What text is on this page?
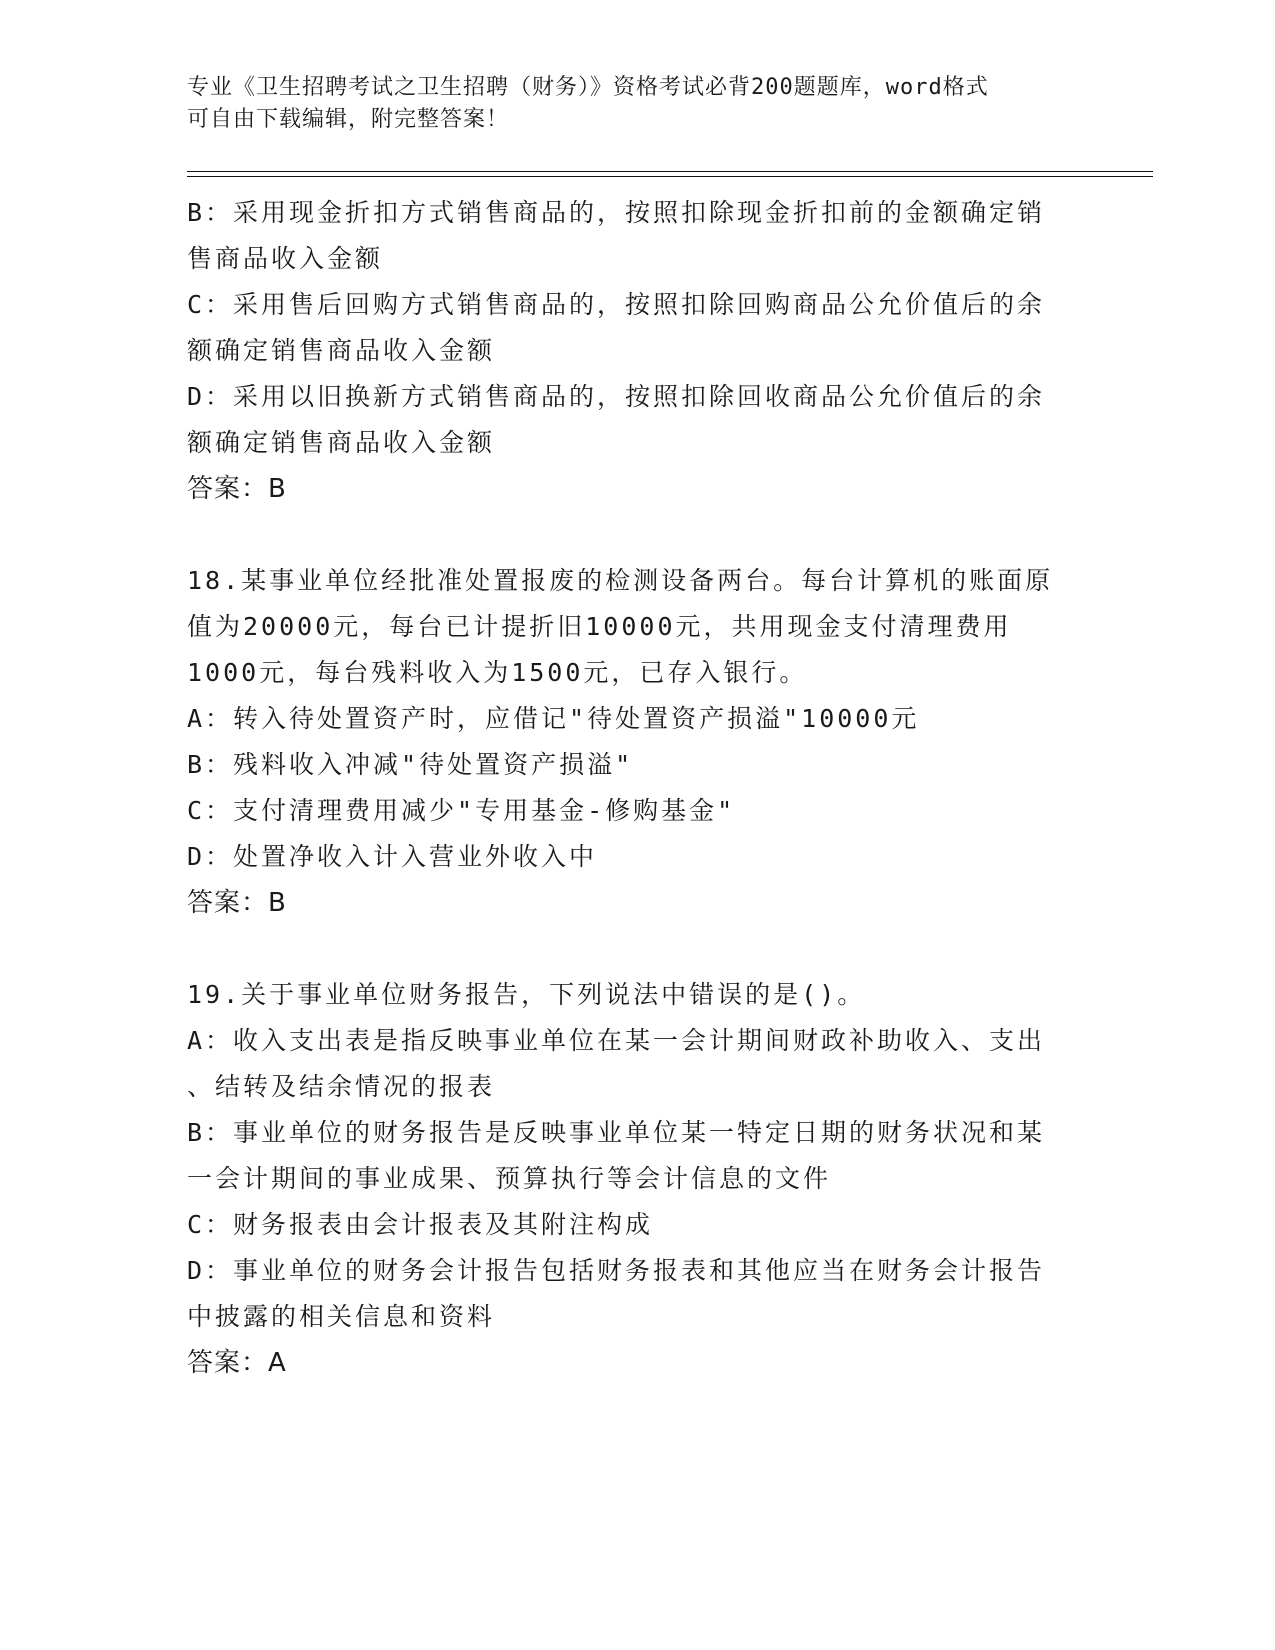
专业《卫生招聘考试之卫生招聘（财务）》资格考试必背200题题库，word格式
可自由下载编辑，附完整答案！

B：采用现金折扣方式销售商品的，按照扣除现金折扣前的金额确定销

售商品收入金额

C：采用售后回购方式销售商品的，按照扣除回购商品公允价值后的余

额确定销售商品收入金额

D：采用以旧换新方式销售商品的，按照扣除回收商品公允价值后的余

额确定销售商品收入金额

答案：B

18.某事业单位经批准处置报废的检测设备两台。每台计算机的账面原

值为20000元，每台已计提折旧10000元，共用现金支付清理费用

1000元，每台残料收入为1500元，已存入银行。

A：转入待处置资产时，应借记"待处置资产损溢"10000元

B：残料收入冲减"待处置资产损溢"

C：支付清理费用减少"专用基金-修购基金"

D：处置净收入计入营业外收入中

答案：B

19.关于事业单位财务报告，下列说法中错误的是()。

A：收入支出表是指反映事业单位在某一会计期间财政补助收入、支出

、结转及结余情况的报表

B：事业单位的财务报告是反映事业单位某一特定日期的财务状况和某

一会计期间的事业成果、预算执行等会计信息的文件

C：财务报表由会计报表及其附注构成

D：事业单位的财务会计报告包括财务报表和其他应当在财务会计报告

中披露的相关信息和资料

答案：A
